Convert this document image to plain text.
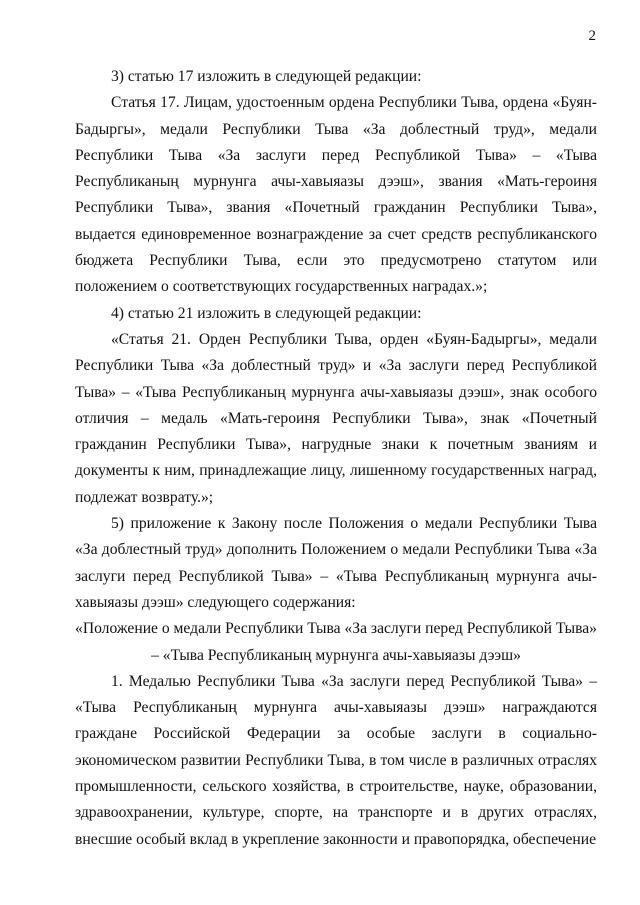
2

3) статью 17 изложить в следующей редакции:

Статья 17. Лицам, удостоенным ордена Республики Тыва, ордена «Буян-Бадыргы», медали Республики Тыва «За доблестный труд», медали Республики Тыва «За заслуги перед Республикой Тыва» – «Тыва Республиканың мурнунга ачы-хавыяазы дээш», звания «Мать-героиня Республики Тыва», звания «Почетный гражданин Республики Тыва», выдается единовременное вознаграждение за счет средств республиканского бюджета Республики Тыва, если это предусмотрено статутом или положением о соответствующих государственных наградах.»;

4) статью 21 изложить в следующей редакции:

«Статья 21. Орден Республики Тыва, орден «Буян-Бадыргы», медали Республики Тыва «За доблестный труд» и «За заслуги перед Республикой Тыва» – «Тыва Республиканың мурнунга ачы-хавыяазы дээш», знак особого отличия – медаль «Мать-героиня Республики Тыва», знак «Почетный гражданин Республики Тыва», нагрудные знаки к почетным званиям и документы к ним, принадлежащие лицу, лишенному государственных наград, подлежат возврату.»;

5) приложение к Закону после Положения о медали Республики Тыва «За доблестный труд» дополнить Положением о медали Республики Тыва «За заслуги перед Республикой Тыва» – «Тыва Республиканың мурнунга ачы-хавыяазы дээш» следующего содержания:

«Положение о медали Республики Тыва «За заслуги перед Республикой Тыва»

– «Тыва Республиканың мурнунга ачы-хавыяазы дээш»

1. Медалью Республики Тыва «За заслуги перед Республикой Тыва» – «Тыва Республиканың мурнунга ачы-хавыяазы дээш» награждаются граждане Российской Федерации за особые заслуги в социально-экономическом развитии Республики Тыва, в том числе в различных отраслях промышленности, сельского хозяйства, в строительстве, науке, образовании, здравоохранении, культуре, спорте, на транспорте и в других отраслях, внесшие особый вклад в укрепление законности и правопорядка, обеспечение
